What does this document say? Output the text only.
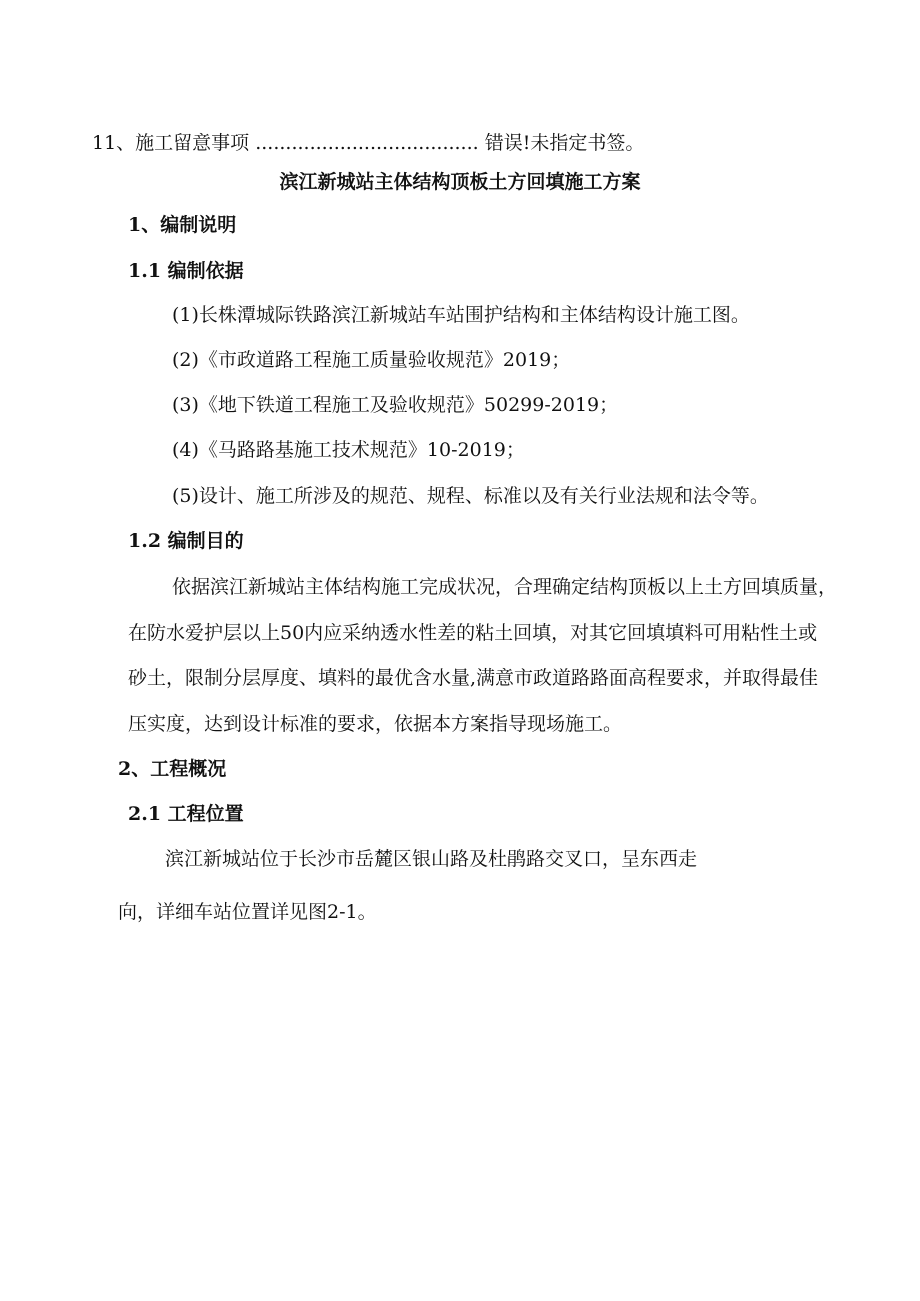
11、施工留意事项 ..................................... 错误!未指定书签。
滨江新城站主体结构顶板土方回填施工方案
1、编制说明
1.1 编制依据
(1)长株潭城际铁路滨江新城站车站围护结构和主体结构设计施工图。
(2)《市政道路工程施工质量验收规范》2019；
(3)《地下铁道工程施工及验收规范》50299-2019；
(4)《马路路基施工技术规范》10-2019；
(5)设计、施工所涉及的规范、规程、标准以及有关行业法规和法令等。
1.2 编制目的
依据滨江新城站主体结构施工完成状况，合理确定结构顶板以上土方回填质量，
在防水爱护层以上50内应采纳透水性差的粘土回填，对其它回填填料可用粘性土或
砂土，限制分层厚度、填料的最优含水量,满意市政道路路面高程要求，并取得最佳
压实度，达到设计标准的要求，依据本方案指导现场施工。
2、工程概况
2.1 工程位置
滨江新城站位于长沙市岳麓区银山路及杜鹃路交叉口，呈东西走
向，详细车站位置详见图2-1。
